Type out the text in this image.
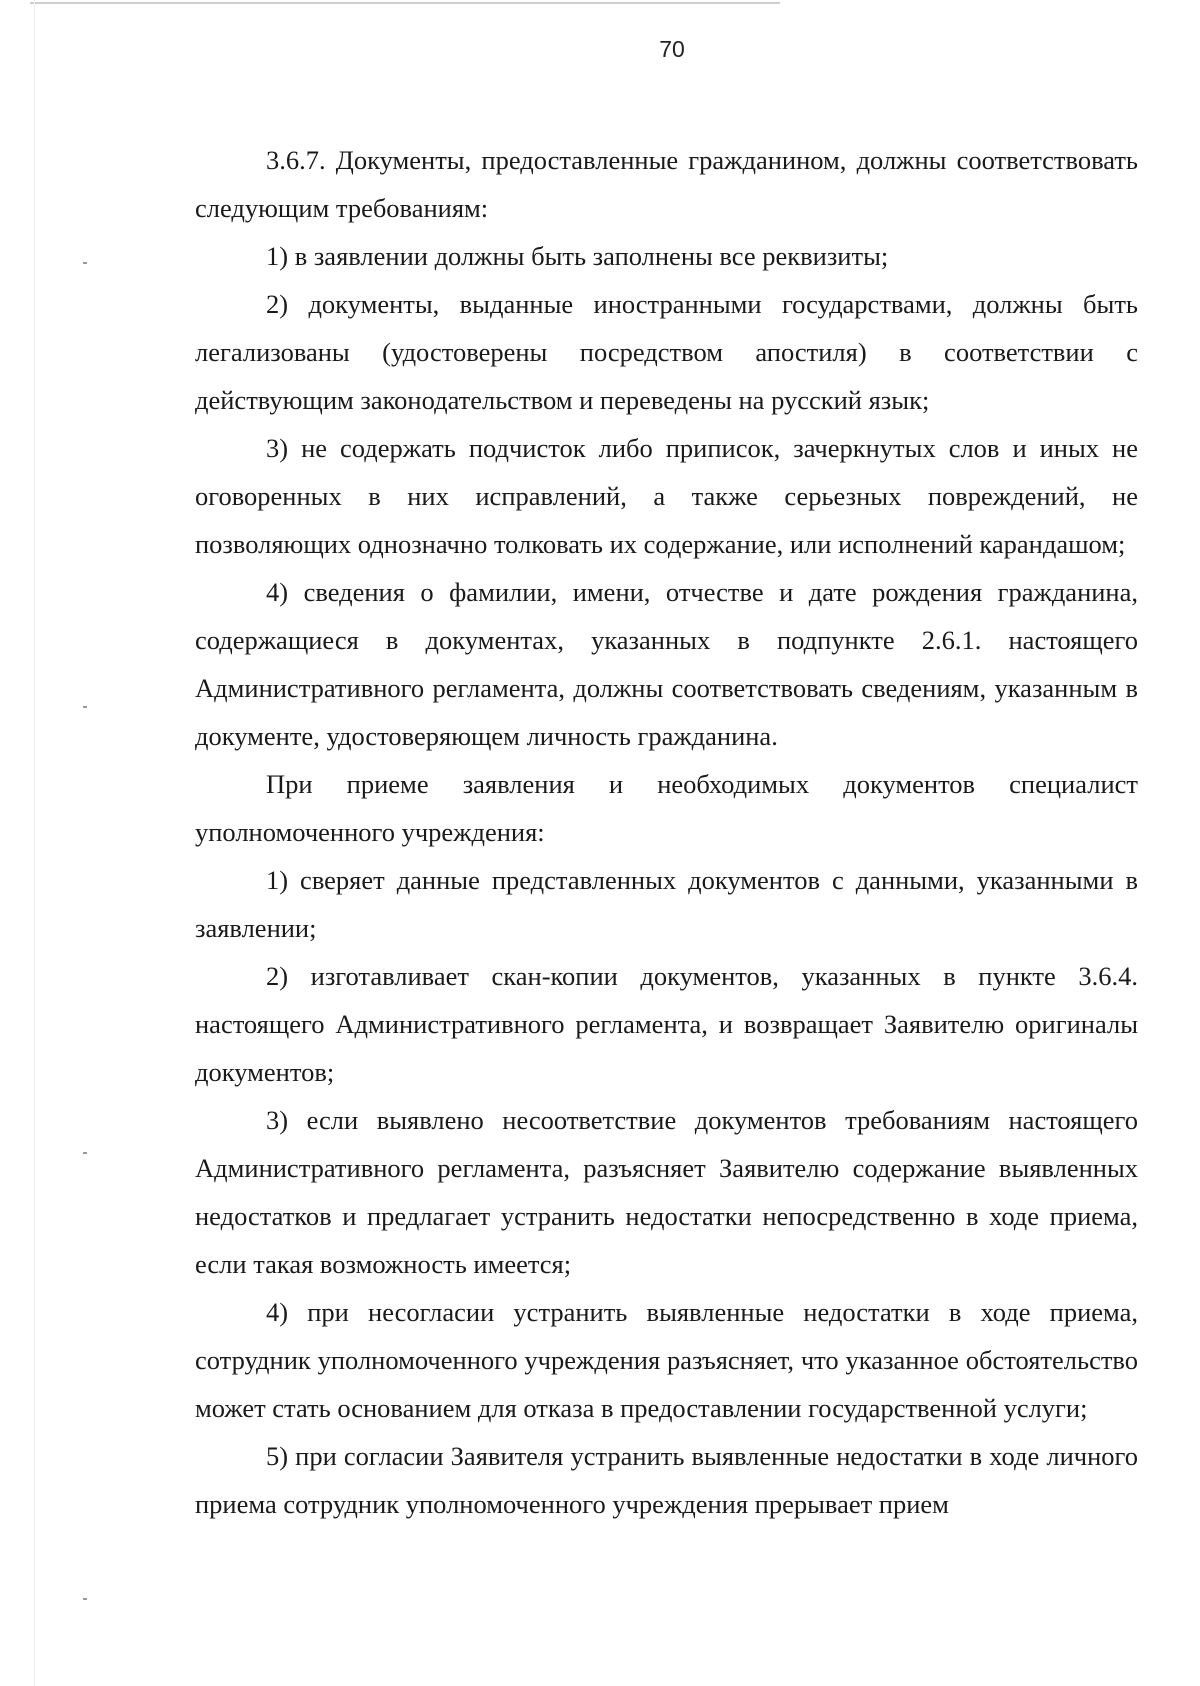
70

3.6.7. Документы, предоставленные гражданином, должны соответствовать следующим требованиям:

1) в заявлении должны быть заполнены все реквизиты;

2) документы, выданные иностранными государствами, должны быть легализованы (удостоверены посредством апостиля) в соответствии с действующим законодательством и переведены на русский язык;

3) не содержать подчисток либо приписок, зачеркнутых слов и иных не оговоренных в них исправлений, а также серьезных повреждений, не позволяющих однозначно толковать их содержание, или исполнений карандашом;

4) сведения о фамилии, имени, отчестве и дате рождения гражданина, содержащиеся в документах, указанных в подпункте 2.6.1. настоящего Административного регламента, должны соответствовать сведениям, указанным в документе, удостоверяющем личность гражданина.

При приеме заявления и необходимых документов специалист уполномоченного учреждения:

1) сверяет данные представленных документов с данными, указанными в заявлении;

2) изготавливает скан-копии документов, указанных в пункте 3.6.4. настоящего Административного регламента, и возвращает Заявителю оригиналы документов;

3) если выявлено несоответствие документов требованиям настоящего Административного регламента, разъясняет Заявителю содержание выявленных недостатков и предлагает устранить недостатки непосредственно в ходе приема, если такая возможность имеется;

4) при несогласии устранить выявленные недостатки в ходе приема, сотрудник уполномоченного учреждения разъясняет, что указанное обстоятельство может стать основанием для отказа в предоставлении государственной услуги;

5) при согласии Заявителя устранить выявленные недостатки в ходе личного приема сотрудник уполномоченного учреждения прерывает прием
